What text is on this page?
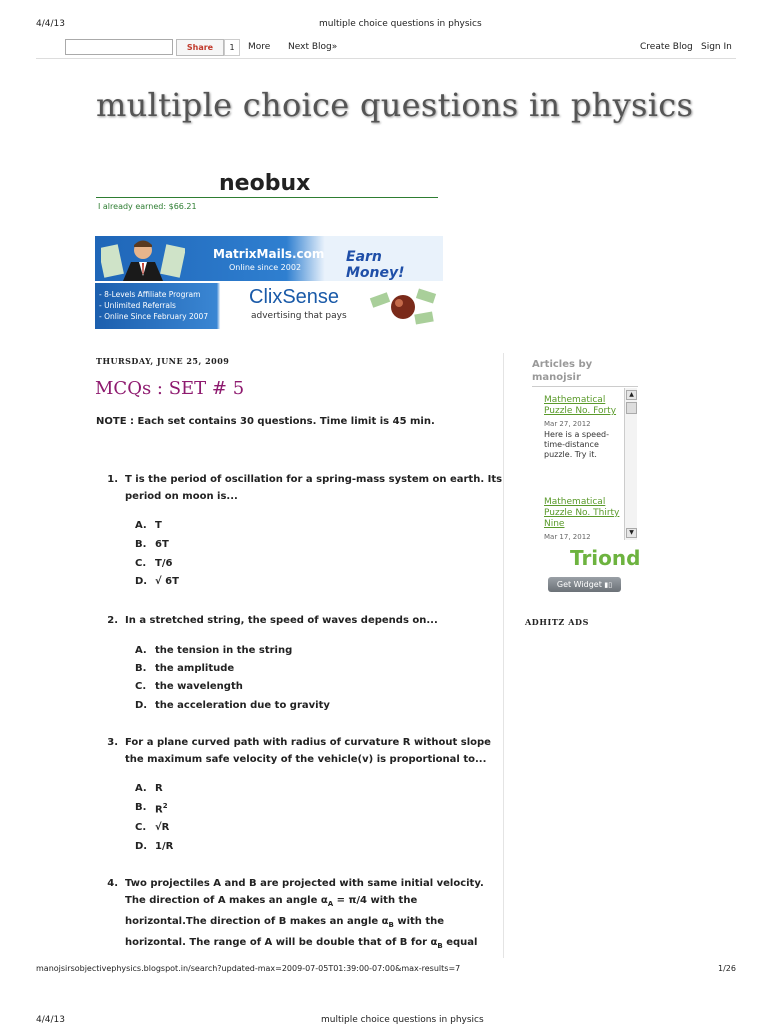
4/4/13	multiple choice questions in physics
Share	1	More Next Blog»	Create Blog Sign In
multiple choice questions in physics
neobux
I already earned: $66.21
MatrixMails.com
Online since 2002
Earn Money!
- 8-Levels Affiliate Program
- Unlimited Referrals
- Online Since February 2007
ClixSense
advertising that pays
THURSDAY, JUNE 25, 2009
MCQs : SET # 5
NOTE : Each set contains 30 questions. Time limit is 45 min.
1. T is the period of oscillation for a spring-mass system on earth. Its
period on moon is...
A. T
B. 6T
C. T/6
D. √ 6T
2. In a stretched string, the speed of waves depends on...
A. the tension in the string
B. the amplitude
C. the wavelength
D. the acceleration due to gravity
3. For a plane curved path with radius of curvature R without slope
the maximum safe velocity of the vehicle(v) is proportional to...
A. R
B. $R^2$
C. √R
D. 1/R
4. Two projectiles A and B are projected with same initial velocity.
The direction of A makes an angle $\alpha_A = \pi/4$ with the
horizontal.The direction of B makes an angle $\alpha_B$ with the
horizontal. The range of A will be double that of B for $\alpha_B$ equal
Articles by manojsir
Mathematical Puzzle No. Forty
Mar 27, 2012
Here is a speed-time-distance puzzle. Try it.
Mathematical Puzzle No. Thirty Nine
Mar 17, 2012
▲
▼
Triond
Get Widget ▮▯
ADHITZ ADS
manojsirsobjectivephysics.blogspot.in/search?updated-max=2009-07-05T01:39:00-07:00&max-results=7	1/26
4/4/13	multiple choice questions in physics
